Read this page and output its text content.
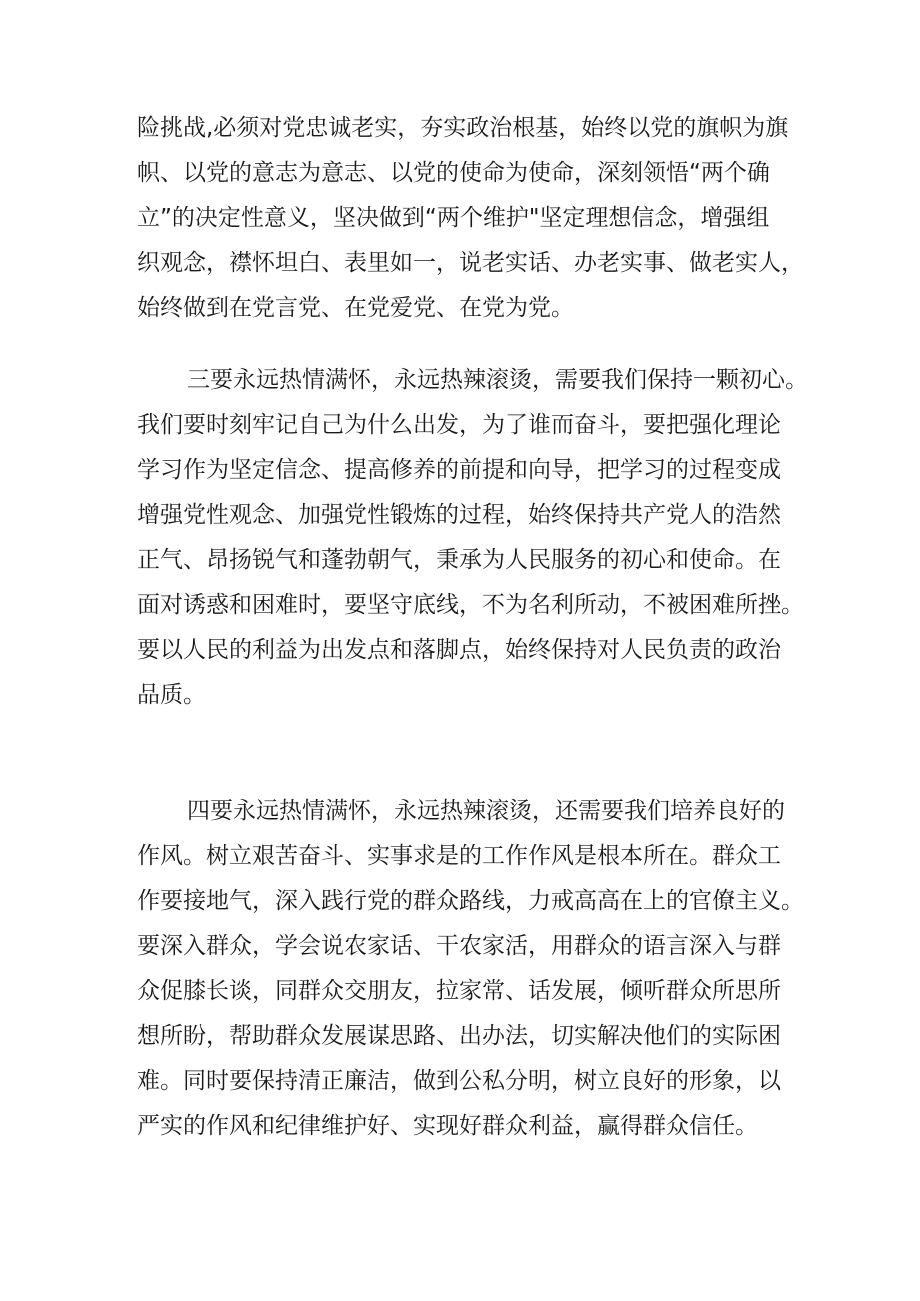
险挑战,必须对党忠诚老实，夯实政治根基，始终以党的旗帜为旗
帜、以党的意志为意志、以党的使命为使命，深刻领悟“两个确
立”的决定性意义，坚决做到“两个维护"坚定理想信念，增强组
织观念，襟怀坦白、表里如一，说老实话、办老实事、做老实人，
始终做到在党言党、在党爱党、在党为党。
三要永远热情满怀，永远热辣滚烫，需要我们保持一颗初心。
我们要时刻牢记自己为什么出发，为了谁而奋斗，要把强化理论
学习作为坚定信念、提高修养的前提和向导，把学习的过程变成
增强党性观念、加强党性锻炼的过程，始终保持共产党人的浩然
正气、昂扬锐气和蓬勃朝气，秉承为人民服务的初心和使命。在
面对诱惑和困难时，要坚守底线，不为名利所动，不被困难所挫。
要以人民的利益为出发点和落脚点，始终保持对人民负责的政治
品质。
四要永远热情满怀，永远热辣滚烫，还需要我们培养良好的
作风。树立艰苦奋斗、实事求是的工作作风是根本所在。群众工
作要接地气，深入践行党的群众路线，力戒高高在上的官僚主义。
要深入群众，学会说农家话、干农家活，用群众的语言深入与群
众促膝长谈，同群众交朋友，拉家常、话发展，倾听群众所思所
想所盼，帮助群众发展谋思路、出办法，切实解决他们的实际困
难。同时要保持清正廉洁，做到公私分明，树立良好的形象，以
严实的作风和纪律维护好、实现好群众利益，赢得群众信任。
